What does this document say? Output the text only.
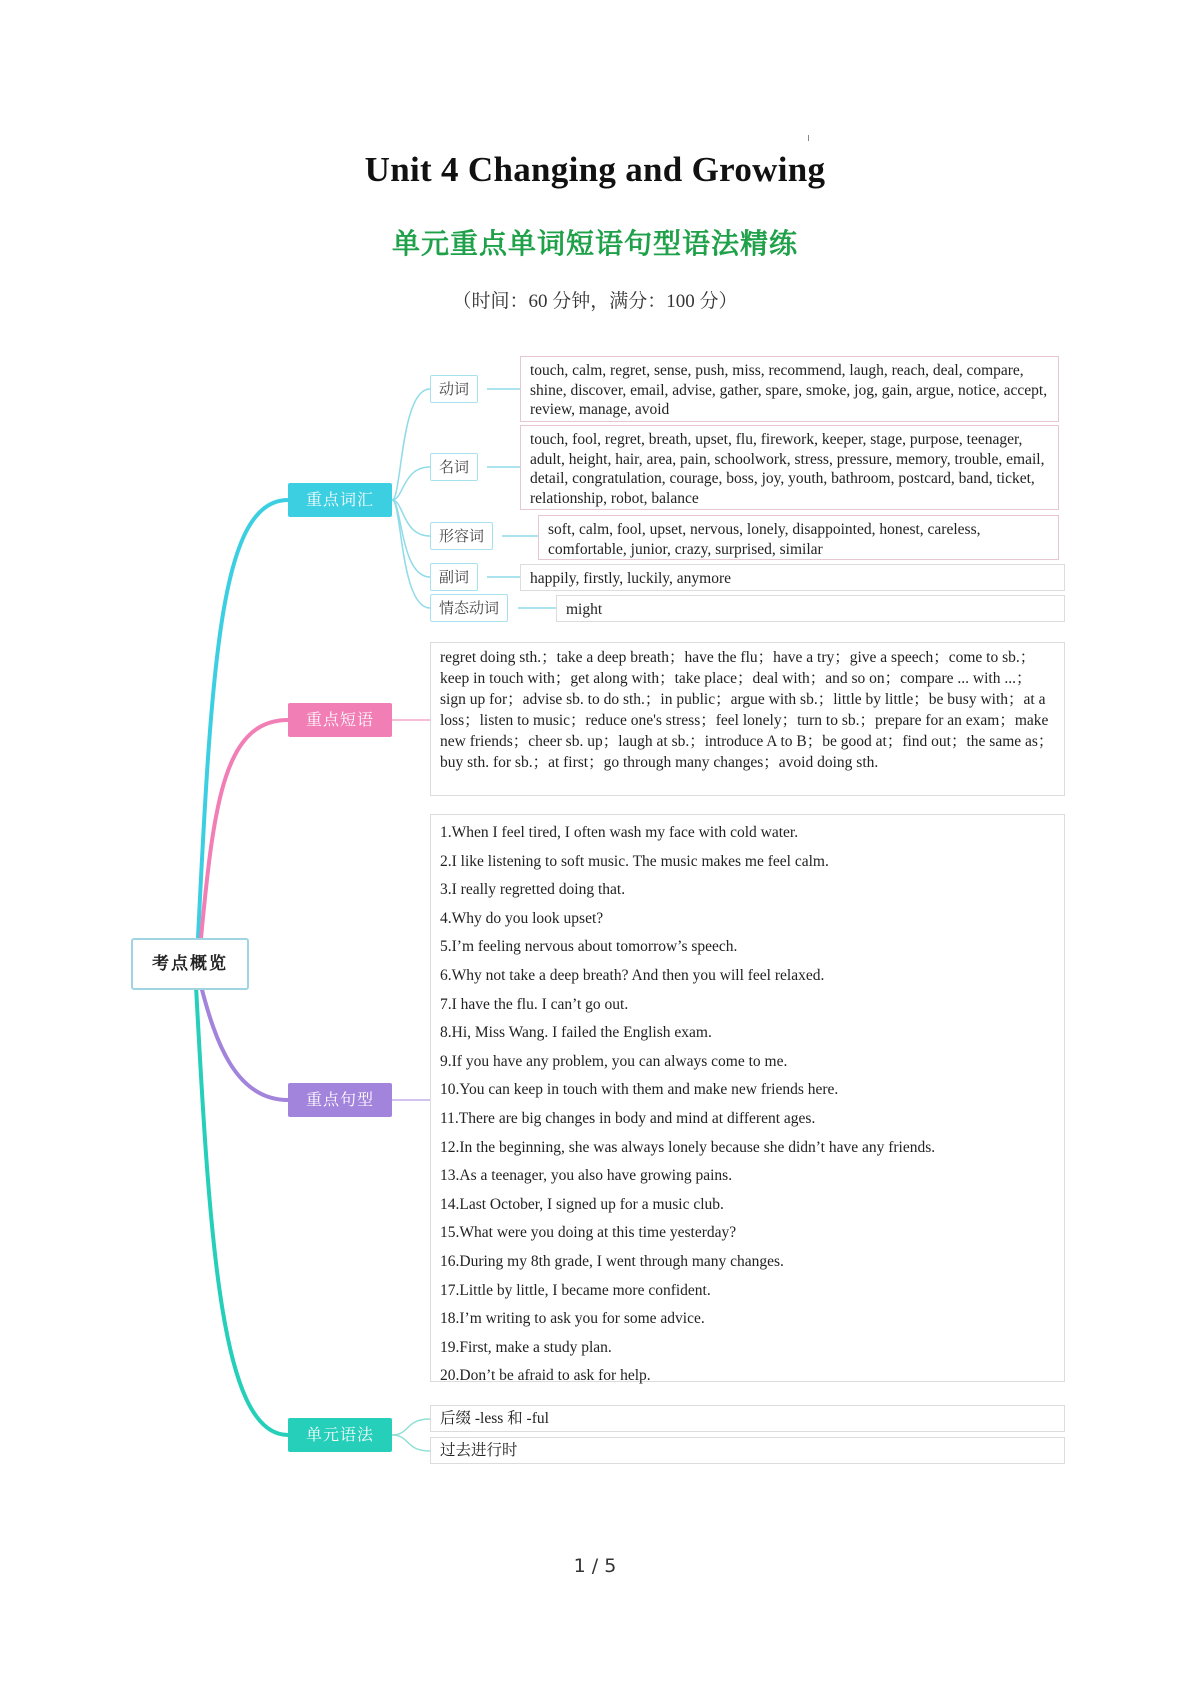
Unit 4 Changing and Growing
单元重点单词短语句型语法精练
（时间：60 分钟，满分：100 分）
考点概览
重点词汇
重点短语
重点句型
单元语法
动词
名词
形容词
副词
情态动词
touch, calm, regret, sense, push, miss, recommend, laugh, reach, deal, compare, shine, discover, email, advise, gather, spare, smoke, jog, gain, argue, notice, accept, review, manage, avoid
touch, fool, regret, breath, upset, flu, firework, keeper, stage, purpose, teenager, adult, height, hair, area, pain, schoolwork, stress, pressure, memory, trouble, email, detail, congratulation, courage, boss, joy, youth, bathroom, postcard, band, ticket, relationship, robot, balance
soft, calm, fool, upset, nervous, lonely, disappointed, honest, careless, comfortable, junior, crazy, surprised, similar
happily, firstly, luckily, anymore
might
regret doing sth.；take a deep breath；have the flu；have a try；give a speech；come to sb.；keep in touch with；get along with；take place；deal with；and so on；compare ... with ...；sign up for；advise sb. to do sth.；in public；argue with sb.；little by little；be busy with；at a loss；listen to music；reduce one's stress；feel lonely；turn to sb.；prepare for an exam；make new friends；cheer sb. up；laugh at sb.；introduce A to B；be good at；find out；the same as；buy sth. for sb.；at first；go through many changes；avoid doing sth.
1.When I feel tired, I often wash my face with cold water.
2.I like listening to soft music. The music makes me feel calm.
3.I really regretted doing that.
4.Why do you look upset?
5.I’m feeling nervous about tomorrow’s speech.
6.Why not take a deep breath? And then you will feel relaxed.
7.I have the flu. I can’t go out.
8.Hi, Miss Wang. I failed the English exam.
9.If you have any problem, you can always come to me.
10.You can keep in touch with them and make new friends here.
11.There are big changes in body and mind at different ages.
12.In the beginning, she was always lonely because she didn’t have any friends.
13.As a teenager, you also have growing pains.
14.Last October, I signed up for a music club.
15.What were you doing at this time yesterday?
16.During my 8th grade, I went through many changes.
17.Little by little, I became more confident.
18.I’m writing to ask you for some advice.
19.First, make a study plan.
20.Don’t be afraid to ask for help.
后缀 -less 和 -ful
过去进行时
1 / 5
